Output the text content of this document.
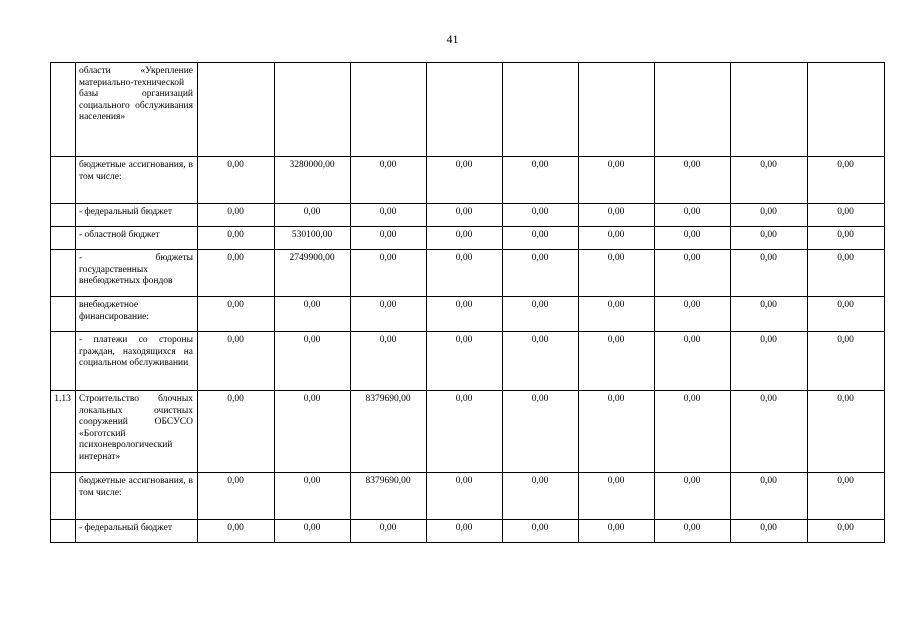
41
	области «Укрепление материально-технической базы организаций социального обслуживания населения»									
	бюджетные ассигнования, в том числе:	0,00	3280000,00	0,00	0,00	0,00	0,00	0,00	0,00	0,00
	- федеральный бюджет	0,00	0,00	0,00	0,00	0,00	0,00	0,00	0,00	0,00
	- областной бюджет	0,00	530100,00	0,00	0,00	0,00	0,00	0,00	0,00	0,00
	- бюджеты государственных внебюджетных фондов	0,00	2749900,00	0,00	0,00	0,00	0,00	0,00	0,00	0,00
	внебюджетное финансирование:	0,00	0,00	0,00	0,00	0,00	0,00	0,00	0,00	0,00
	- платежи со стороны граждан, находящихся на социальном обслуживании	0,00	0,00	0,00	0,00	0,00	0,00	0,00	0,00	0,00
1.13	Строительство блочных локальных очистных сооружений ОБСУСО «Боготский психоневрологический интернат»	0,00	0,00	8379690,00	0,00	0,00	0,00	0,00	0,00	0,00
	бюджетные ассигнования, в том числе:	0,00	0,00	8379690,00	0,00	0,00	0,00	0,00	0,00	0,00
	- федеральный бюджет	0,00	0,00	0,00	0,00	0,00	0,00	0,00	0,00	0,00
